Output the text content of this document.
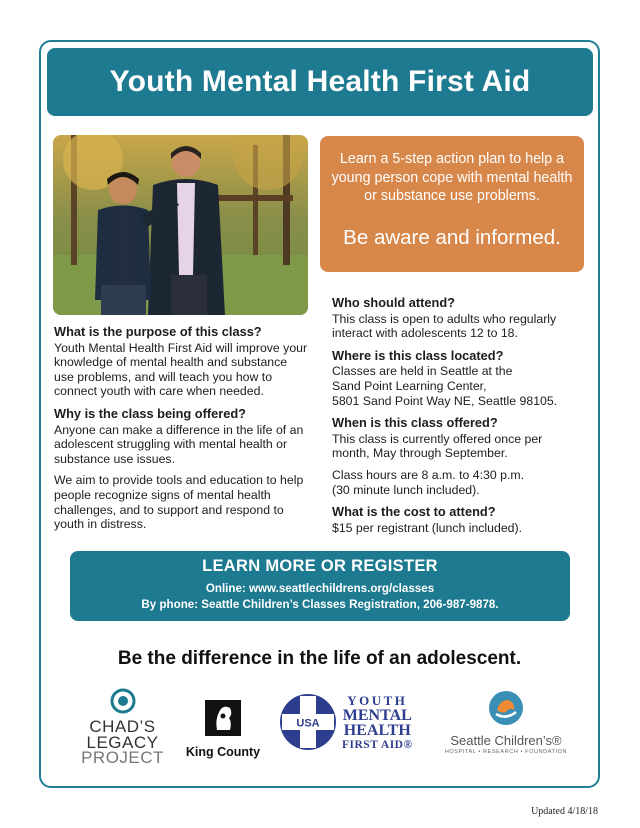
Youth Mental Health First Aid
Learn a 5-step action plan to help a young person cope with mental health or substance use problems.
Be aware and informed.
What is the purpose of this class?

Youth Mental Health First Aid will improve your knowledge of mental health and substance use problems, and will teach you how to connect youth with care when needed.

Why is the class being offered?

Anyone can make a difference in the life of an adolescent struggling with mental health or substance use issues.

We aim to provide tools and education to help people recognize signs of mental health challenges, and to support and respond to youth in distress.

Who should attend?

This class is open to adults who regularly interact with adolescents 12 to 18.

Where is this class located?

Classes are held in Seattle at the
Sand Point Learning Center,
5801 Sand Point Way NE, Seattle 98105.

When is this class offered?

This class is currently offered once per month, May through September.

Class hours are 8 a.m. to 4:30 p.m.
(30 minute lunch included).

What is the cost to attend?

$15 per registrant (lunch included).

LEARN MORE OR REGISTER
Online: www.seattlechildrens.org/classes
By phone: Seattle Children’s Classes Registration, 206-987-9878.
Be the difference in the life of an adolescent.
CHAD’S
LEGACY
PROJECT	King County
USA
YOUTH
MENTAL
HEALTH
FIRST AID®	Seattle Children’s®
HOSPITAL • RESEARCH • FOUNDATION
Updated 4/18/18
